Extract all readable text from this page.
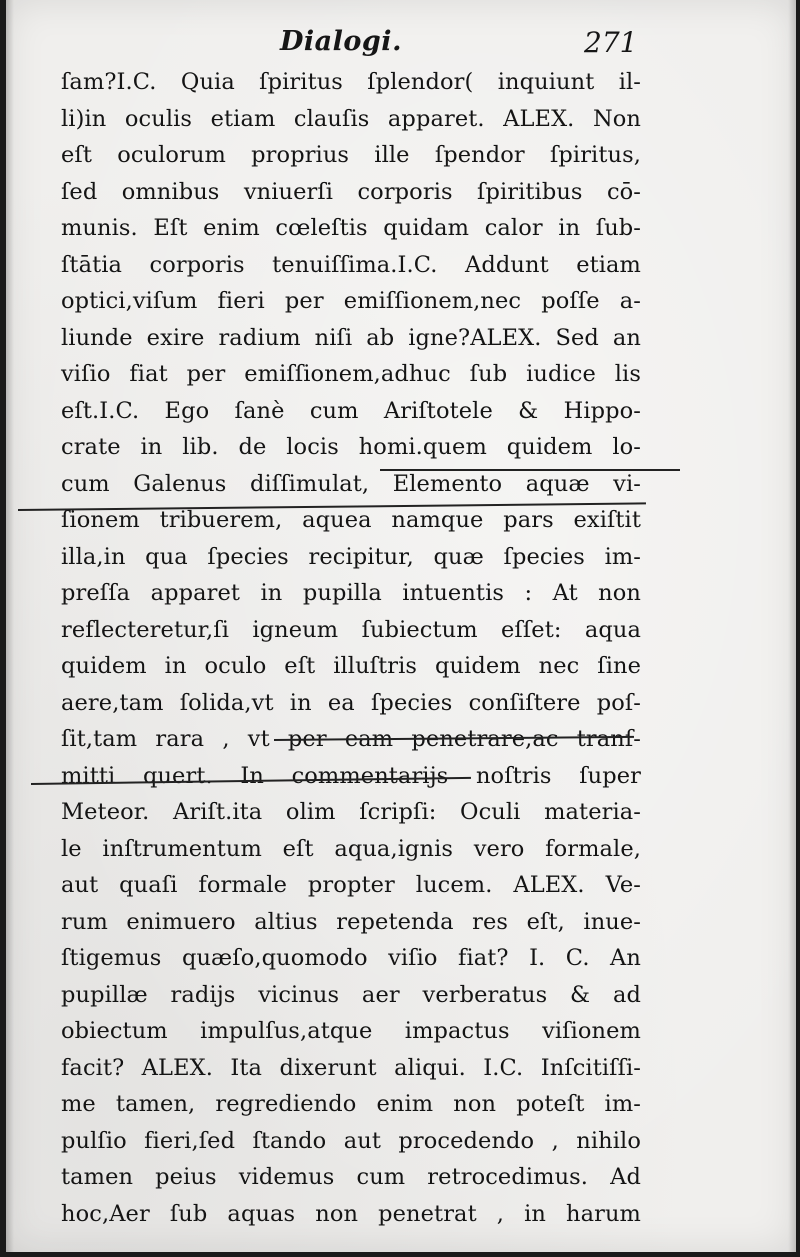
Dialogi.	271
ſam?I.C. Quia ſpiritus ſplendor( inquiunt il-
li)in oculis etiam clauſis apparet. ALEX. Non
eſt oculorum proprius ille ſpendor ſpiritus,
ſed omnibus vniuerſi corporis ſpiritibus cō-
munis. Eſt enim cœleſtis quidam calor in ſub-
ſtātia corporis tenuiſſima.I.C. Addunt etiam
optici,viſum fieri per emiſſionem,nec poſſe a-
liunde exire radium niſi ab igne?ALEX. Sed an
viſio fiat per emiſſionem,adhuc ſub iudice lis
eſt.I.C. Ego ſanè cum Ariſtotele & Hippo-
crate in lib. de locis homi.quem quidem lo-
cum Galenus diſſimulat, Elemento aquæ vi-
ſionem tribuerem, aquea namque pars exiſtit
illa,in qua ſpecies recipitur, quæ ſpecies im-
preſſa apparet in pupilla intuentis : At non
reflecteretur,ſi igneum ſubiectum eſſet: aqua
quidem in oculo eſt illuſtris quidem nec ſine
aere,tam ſolida,vt in ea ſpecies conſiſtere poſ-
ſit,tam rara , vt per eam penetrare,ac tranſ-
mitti quert. In commentarijs noſtris ſuper
Meteor. Ariſt.ita olim ſcripſi: Oculi materia-
le inſtrumentum eſt aqua,ignis vero formale,
aut quaſi formale propter lucem. ALEX. Ve-
rum enimuero altius repetenda res eſt, inue-
ſtigemus quæſo,quomodo viſio fiat? I. C. An
pupillæ radijs vicinus aer verberatus & ad
obiectum impulſus,atque impactus viſionem
facit? ALEX. Ita dixerunt aliqui. I.C. Inſcitiſſi-
me tamen, regrediendo enim non poteſt im-
pulſio fieri,ſed ſtando aut procedendo , nihilo
tamen peius videmus cum retrocedimus. Ad
hoc,Aer ſub aquas non penetrat , in harum
